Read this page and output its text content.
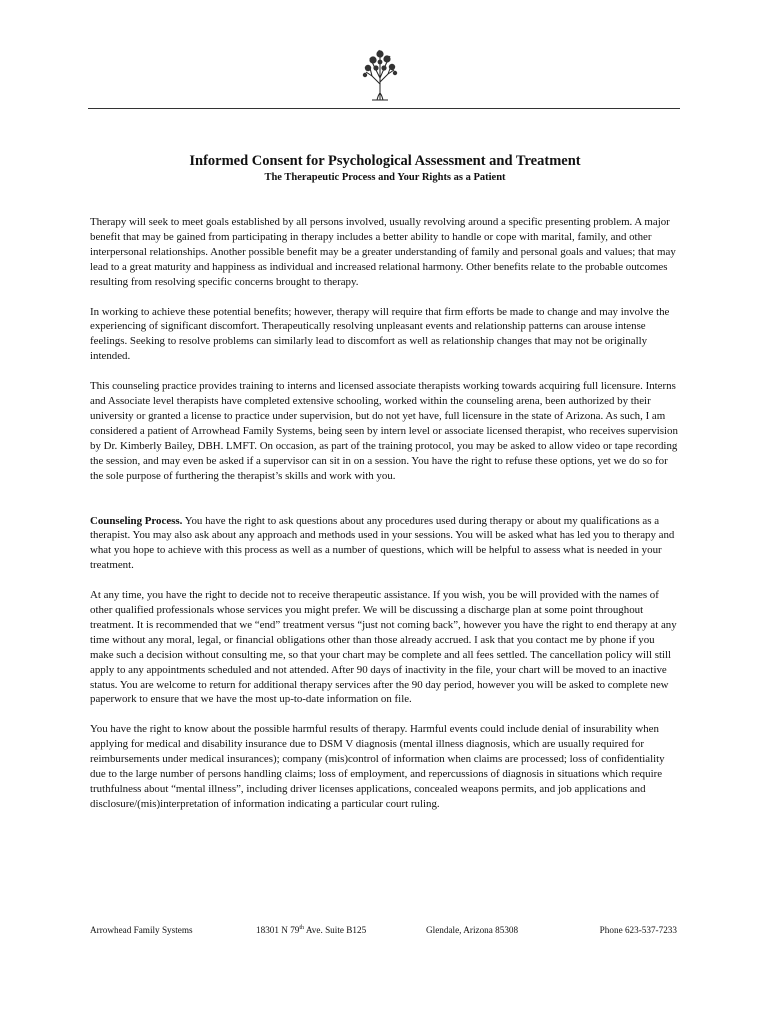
Informed Consent for Psychological Assessment and Treatment
The Therapeutic Process and Your Rights as a Patient

Therapy will seek to meet goals established by all persons involved, usually revolving around a specific presenting problem. A major benefit that may be gained from participating in therapy includes a better ability to handle or cope with marital, family, and other interpersonal relationships. Another possible benefit may be a greater understanding of family and personal goals and values; that may lead to a great maturity and happiness as individual and increased relational harmony. Other benefits relate to the probable outcomes resulting from resolving specific concerns brought to therapy.

In working to achieve these potential benefits; however, therapy will require that firm efforts be made to change and may involve the experiencing of significant discomfort. Therapeutically resolving unpleasant events and relationship patterns can arouse intense feelings. Seeking to resolve problems can similarly lead to discomfort as well as relationship changes that may not be originally intended.

This counseling practice provides training to interns and licensed associate therapists working towards acquiring full licensure. Interns and Associate level therapists have completed extensive schooling, worked within the counseling arena, been authorized by their university or granted a license to practice under supervision, but do not yet have, full licensure in the state of Arizona. As such, I am considered a patient of Arrowhead Family Systems, being seen by intern level or associate licensed therapist, who receives supervision by Dr. Kimberly Bailey, DBH. LMFT. On occasion, as part of the training protocol, you may be asked to allow video or tape recording the session, and may even be asked if a supervisor can sit in on a session. You have the right to refuse these options, yet we do so for the sole purpose of furthering the therapist’s skills and work with you.

Counseling Process. You have the right to ask questions about any procedures used during therapy or about my qualifications as a therapist. You may also ask about any approach and methods used in your sessions. You will be asked what has led you to therapy and what you hope to achieve with this process as well as a number of questions, which will be helpful to assess what is needed in your treatment.

At any time, you have the right to decide not to receive therapeutic assistance. If you wish, you be will provided with the names of other qualified professionals whose services you might prefer. We will be discussing a discharge plan at some point throughout treatment. It is recommended that we “end” treatment versus “just not coming back”, however you have the right to end therapy at any time without any moral, legal, or financial obligations other than those already accrued. I ask that you contact me by phone if you make such a decision without consulting me, so that your chart may be complete and all fees settled. The cancellation policy will still apply to any appointments scheduled and not attended. After 90 days of inactivity in the file, your chart will be moved to an inactive status. You are welcome to return for additional therapy services after the 90 day period, however you will be asked to complete new paperwork to ensure that we have the most up-to-date information on file.

You have the right to know about the possible harmful results of therapy. Harmful events could include denial of insurability when applying for medical and disability insurance due to DSM V diagnosis (mental illness diagnosis, which are usually required for reimbursements under medical insurances); company (mis)control of information when claims are processed; loss of confidentiality due to the large number of persons handling claims; loss of employment, and repercussions of diagnosis in situations which require truthfulness about “mental illness”, including driver licenses applications, concealed weapons permits, and job applications and disclosure/(mis)interpretation of information indicating a particular court ruling.

Arrowhead Family Systems	18301 N 79th Ave. Suite B125	Glendale, Arizona 85308	Phone 623-537-7233
